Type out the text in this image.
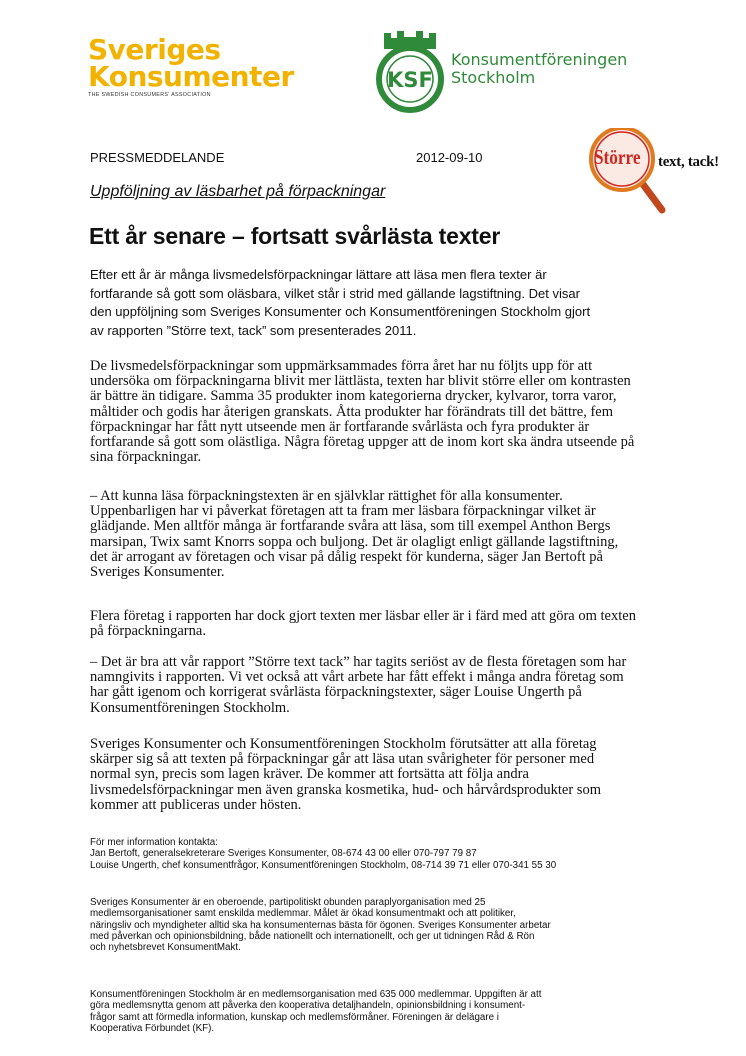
Sveriges
Konsumenter
THE SWEDISH CONSUMERS' ASSOCIATION
KSF
Konsumentföreningen
Stockholm
Större text, tack!
PRESSMEDDELANDE	2012-09-10
Uppföljning av läsbarhet på förpackningar
Ett år senare – fortsatt svårlästa texter

Efter ett år är många livsmedelsförpackningar lättare att läsa men flera texter är
fortfarande så gott som oläsbara, vilket står i strid med gällande lagstiftning. Det visar
den uppföljning som Sveriges Konsumenter och Konsumentföreningen Stockholm gjort
av rapporten ”Större text, tack” som presenterades 2011.

De livsmedelsförpackningar som uppmärksammades förra året har nu följts upp för att
undersöka om förpackningarna blivit mer lättlästa, texten har blivit större eller om kontrasten
är bättre än tidigare. Samma 35 produkter inom kategorierna drycker, kylvaror, torra varor,
måltider och godis har återigen granskats. Åtta produkter har förändrats till det bättre, fem
förpackningar har fått nytt utseende men är fortfarande svårlästa och fyra produkter är
fortfarande så gott som olästliga. Några företag uppger att de inom kort ska ändra utseende på
sina förpackningar.

– Att kunna läsa förpackningstexten är en självklar rättighet för alla konsumenter.
Uppenbarligen har vi påverkat företagen att ta fram mer läsbara förpackningar vilket är
glädjande. Men alltför många är fortfarande svåra att läsa, som till exempel Anthon Bergs
marsipan, Twix samt Knorrs soppa och buljong. Det är olagligt enligt gällande lagstiftning,
det är arrogant av företagen och visar på dålig respekt för kunderna, säger Jan Bertoft på
Sveriges Konsumenter.

Flera företag i rapporten har dock gjort texten mer läsbar eller är i färd med att göra om texten
på förpackningarna.

– Det är bra att vår rapport ”Större text tack” har tagits seriöst av de flesta företagen som har
namngivits i rapporten. Vi vet också att vårt arbete har fått effekt i många andra företag som
har gått igenom och korrigerat svårlästa förpackningstexter, säger Louise Ungerth på
Konsumentföreningen Stockholm.

Sveriges Konsumenter och Konsumentföreningen Stockholm förutsätter att alla företag
skärper sig så att texten på förpackningar går att läsa utan svårigheter för personer med
normal syn, precis som lagen kräver. De kommer att fortsätta att följa andra
livsmedelsförpackningar men även granska kosmetika, hud- och hårvårdsprodukter som
kommer att publiceras under hösten.

För mer information kontakta:
Jan Bertoft, generalsekreterare Sveriges Konsumenter, 08-674 43 00 eller 070-797 79 87
Louise Ungerth, chef konsumentfrågor, Konsumentföreningen Stockholm, 08-714 39 71 eller 070-341 55 30

Sveriges Konsumenter är en oberoende, partipolitiskt obunden paraplyorganisation med 25
medlemsorganisationer samt enskilda medlemmar. Målet är ökad konsumentmakt och att politiker,
näringsliv och myndigheter alltid ska ha konsumenternas bästa för ögonen. Sveriges Konsumenter arbetar
med påverkan och opinionsbildning, både nationellt och internationellt, och ger ut tidningen Råd & Rön
och nyhetsbrevet KonsumentMakt.

Konsumentföreningen Stockholm är en medlemsorganisation med 635 000 medlemmar. Uppgiften är att
göra medlemsnytta genom att påverka den kooperativa detaljhandeln, opinionsbildning i konsument-
frågor samt att förmedla information, kunskap och medlemsförmåner. Föreningen är delägare i
Kooperativa Förbundet (KF).
